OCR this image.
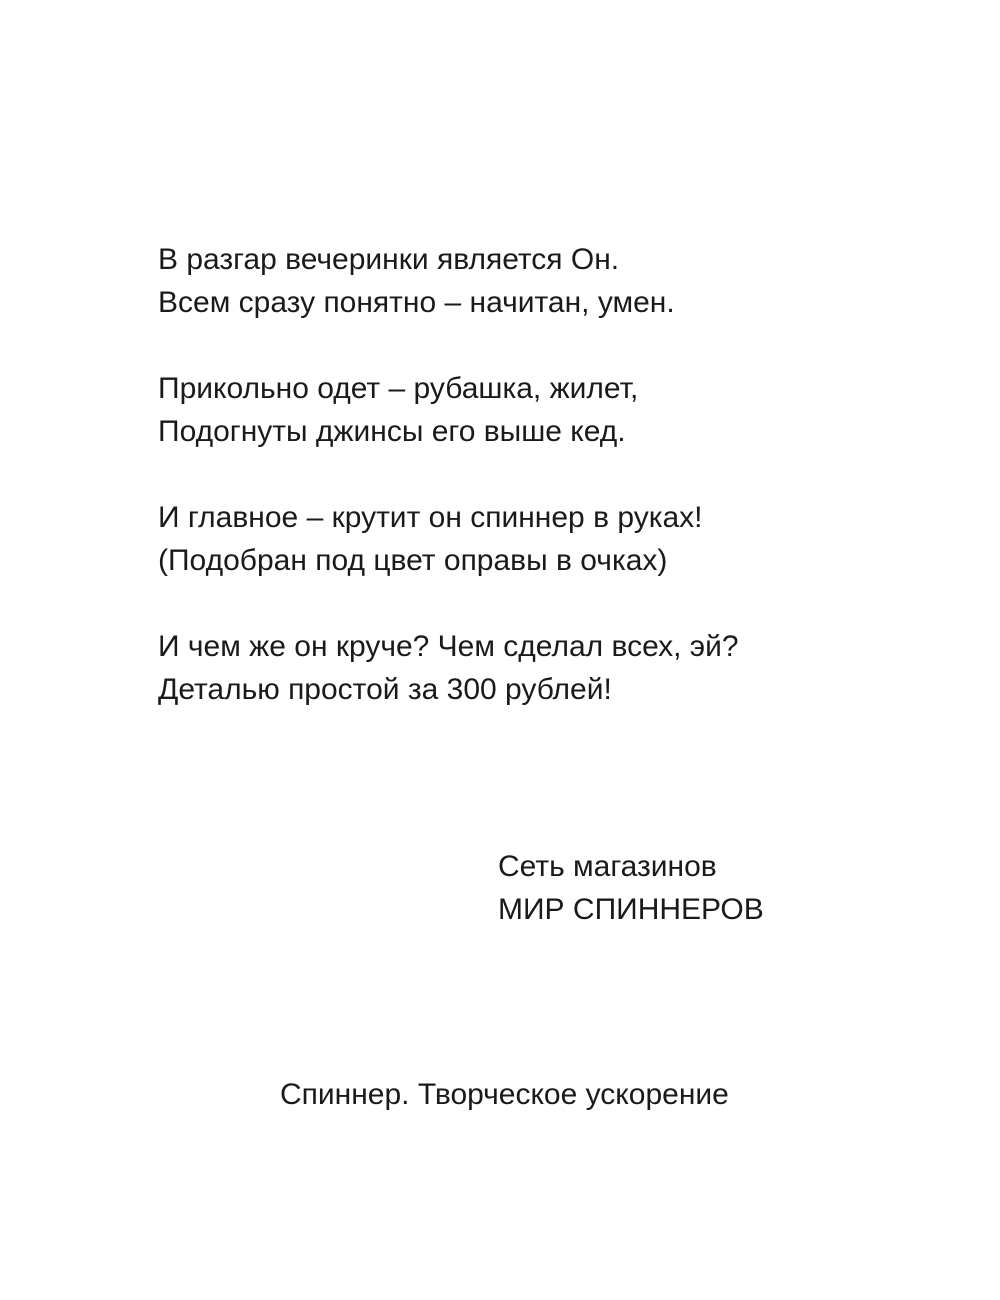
В разгар вечеринки является Он.
Всем сразу понятно – начитан, умен.
Прикольно одет – рубашка, жилет,
Подогнуты джинсы его выше кед.
И главное – крутит он спиннер в руках!
(Подобран под цвет оправы в очках)
И чем же он круче? Чем сделал всех, эй?
Деталью простой за 300 рублей!
Сеть магазинов
МИР СПИННЕРОВ
Спиннер. Творческое ускорение
